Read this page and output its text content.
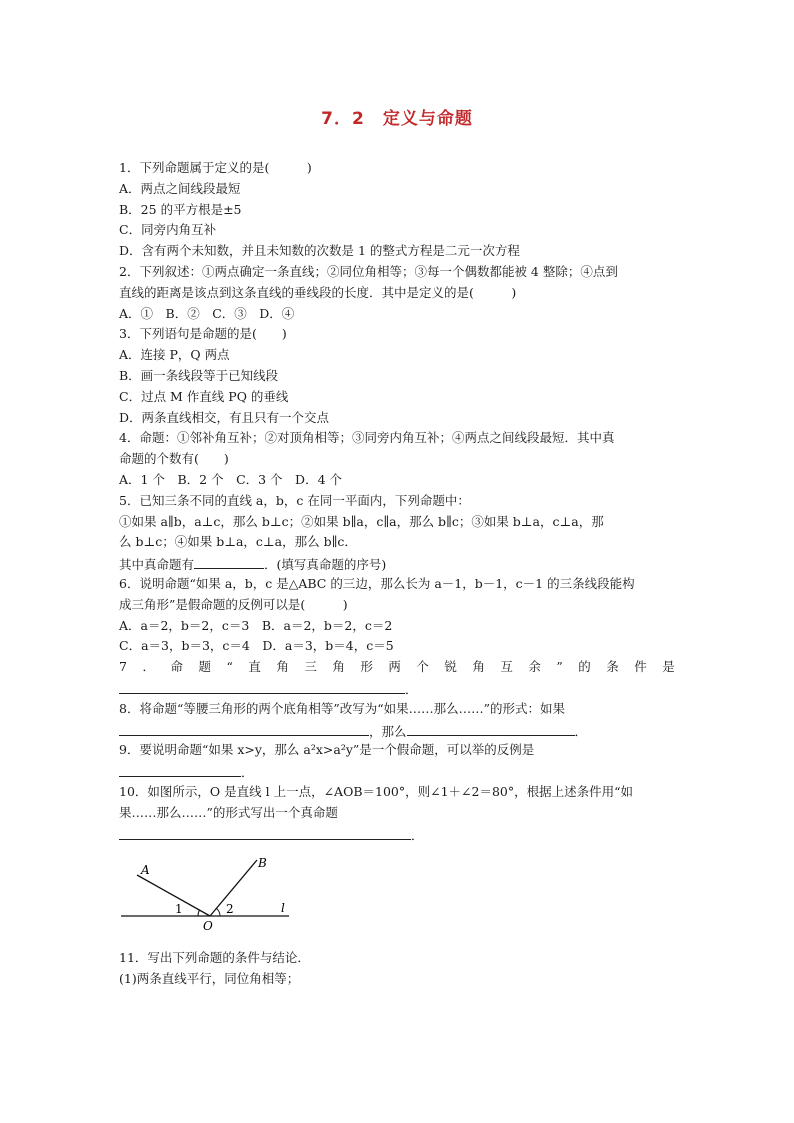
7．2　定义与命题
1．下列命题属于定义的是(　　　)
A．两点之间线段最短
B．25 的平方根是±5
C．同旁内角互补
D．含有两个未知数，并且未知数的次数是 1 的整式方程是二元一次方程
2．下列叙述：①两点确定一条直线；②同位角相等；③每一个偶数都能被 4 整除；④点到
直线的距离是该点到这条直线的垂线段的长度．其中是定义的是(　　　)
A．①　B．②　C．③　D．④
3．下列语句是命题的是(　　)
A．连接 P，Q 两点
B．画一条线段等于已知线段
C．过点 M 作直线 PQ 的垂线
D．两条直线相交，有且只有一个交点
4．命题：①邻补角互补；②对顶角相等；③同旁内角互补；④两点之间线段最短．其中真
命题的个数有(　　)
A．1 个　B．2 个　C．3 个　D．4 个
5．已知三条不同的直线 a，b，c 在同一平面内，下列命题中：
①如果 a∥b，a⊥c，那么 b⊥c；②如果 b∥a，c∥a，那么 b∥c；③如果 b⊥a，c⊥a，那
么 b⊥c；④如果 b⊥a，c⊥a，那么 b∥c．
其中真命题有	．(填写真命题的序号)
6．说明命题“如果 a，b，c 是△ABC 的三边，那么长为 a－1，b－1，c－1 的三条线段能构
成三角形”是假命题的反例可以是(　　　)
A．a＝2，b＝2，c＝3　B．a＝2，b＝2，c＝2
C．a＝3，b＝3，c＝4　D．a＝3，b＝4，c＝5
7 ． 命 题 “ 直 角 三 角 形 两 个 锐 角 互 余 ” 的 条 件 是
．
8．将命题“等腰三角形的两个底角相等”改写为“如果……那么……”的形式：如果
，那么	．
9．要说明命题“如果 x>y，那么 a²x>a²y”是一个假命题，可以举的反例是
．
10．如图所示，O 是直线 l 上一点，∠AOB＝100°，则∠1＋∠2＝80°，根据上述条件用“如
果……那么……”的形式写出一个真命题
．
A	B
O
l
1	2
11．写出下列命题的条件与结论．
(1)两条直线平行，同位角相等；
